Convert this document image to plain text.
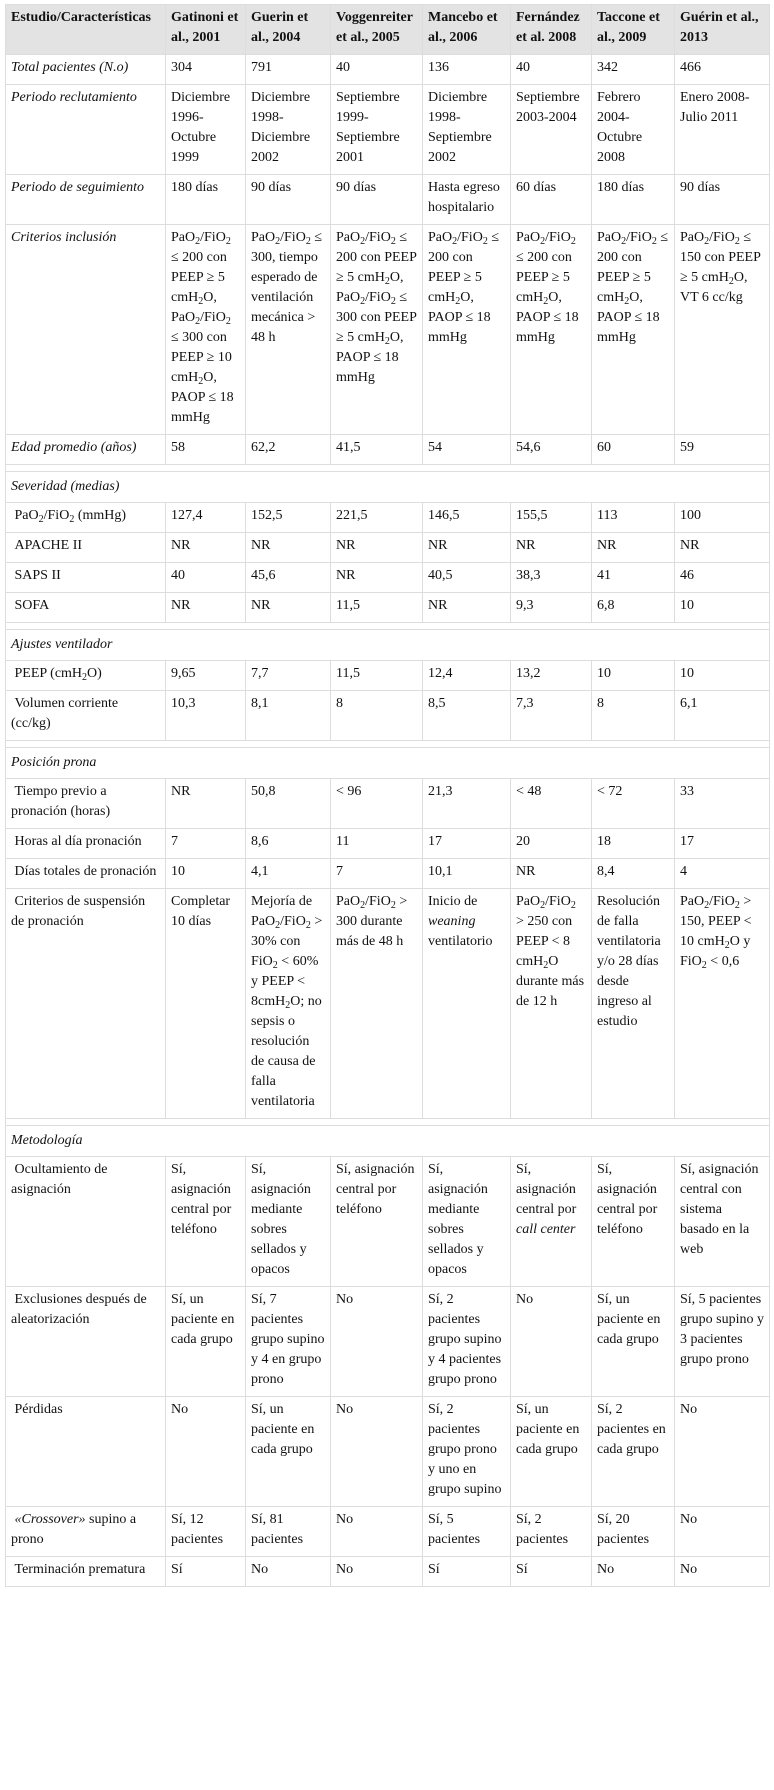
Estudio/Características	Gatinoni et al., 2001	Guerin et al., 2004	Voggenreiter et al., 2005	Mancebo et al., 2006	Fernández et al. 2008	Taccone et al., 2009	Guérin et al., 2013
Total pacientes (N.o)	304	791	40	136	40	342	466
Periodo reclutamiento	Diciembre 1996-Octubre 1999	Diciembre 1998-Diciembre 2002	Septiembre 1999-Septiembre 2001	Diciembre 1998-Septiembre 2002	Septiembre 2003-2004	Febrero 2004-Octubre 2008	Enero 2008-Julio 2011
Periodo de seguimiento	180 días	90 días	90 días	Hasta egreso hospitalario	60 días	180 días	90 días
Criterios inclusión	PaO$_2$/FiO$_2$ ≤ 200 con PEEP ≥ 5 cmH$_2$O, PaO$_2$/FiO$_2$ ≤ 300 con PEEP ≥ 10 cmH$_2$O, PAOP ≤ 18 mmHg	PaO$_2$/FiO$_2$ ≤ 300, tiempo esperado de ventilación mecánica > 48 h	PaO$_2$/FiO$_2$ ≤ 200 con PEEP ≥ 5 cmH$_2$O, PaO$_2$/FiO$_2$ ≤ 300 con PEEP ≥ 5 cmH$_2$O, PAOP ≤ 18 mmHg	PaO$_2$/FiO$_2$ ≤ 200 con PEEP ≥ 5 cmH$_2$O, PAOP ≤ 18 mmHg	PaO$_2$/FiO$_2$ ≤ 200 con PEEP ≥ 5 cmH$_2$O, PAOP ≤ 18 mmHg	PaO$_2$/FiO$_2$ ≤ 200 con PEEP ≥ 5 cmH$_2$O, PAOP ≤ 18 mmHg	PaO$_2$/FiO$_2$ ≤ 150 con PEEP ≥ 5 cmH$_2$O, VT 6 cc/kg
Edad promedio (años)	58	62,2	41,5	54	54,6	60	59

Severidad (medias)							
PaO$_2$/FiO$_2$ (mmHg)	127,4	152,5	221,5	146,5	155,5	113	100
APACHE II	NR	NR	NR	NR	NR	NR	NR
SAPS II	40	45,6	NR	40,5	38,3	41	46
SOFA	NR	NR	11,5	NR	9,3	6,8	10

Ajustes ventilador							
PEEP (cmH$_2$O)	9,65	7,7	11,5	12,4	13,2	10	10
Volumen corriente (cc/kg)	10,3	8,1	8	8,5	7,3	8	6,1

Posición prona							
Tiempo previo a pronación (horas)	NR	50,8	< 96	21,3	< 48	< 72	33
Horas al día pronación	7	8,6	11	17	20	18	17
Días totales de pronación	10	4,1	7	10,1	NR	8,4	4
Criterios de suspensión de pronación	Completar 10 días	Mejoría de PaO$_2$/FiO$_2$ > 30% con FiO$_2$ < 60% y PEEP < 8cmH$_2$O; no sepsis o resolución de causa de falla ventilatoria	PaO$_2$/FiO$_2$ > 300 durante más de 48 h	Inicio de weaning ventilatorio	PaO$_2$/FiO$_2$ > 250 con PEEP < 8 cmH$_2$O durante más de 12 h	Resolución de falla ventilatoria y/o 28 días desde ingreso al estudio	PaO$_2$/FiO$_2$ > 150, PEEP < 10 cmH$_2$O y FiO$_2$ < 0,6

Metodología							
Ocultamiento de asignación	Sí, asignación central por teléfono	Sí, asignación mediante sobres sellados y opacos	Sí, asignación central por teléfono	Sí, asignación mediante sobres sellados y opacos	Sí, asignación central por call center	Sí, asignación central por teléfono	Sí, asignación central con sistema basado en la web
Exclusiones después de aleatorización	Sí, un paciente en cada grupo	Sí, 7 pacientes grupo supino y 4 en grupo prono	No	Sí, 2 pacientes grupo supino y 4 pacientes grupo prono	No	Sí, un paciente en cada grupo	Sí, 5 pacientes grupo supino y 3 pacientes grupo prono
Pérdidas	No	Sí, un paciente en cada grupo	No	Sí, 2 pacientes grupo prono y uno en grupo supino	Sí, un paciente en cada grupo	Sí, 2 pacientes en cada grupo	No
«Crossover» supino a prono	Sí, 12 pacientes	Sí, 81 pacientes	No	Sí, 5 pacientes	Sí, 2 pacientes	Sí, 20 pacientes	No
Terminación prematura	Sí	No	No	Sí	Sí	No	No
